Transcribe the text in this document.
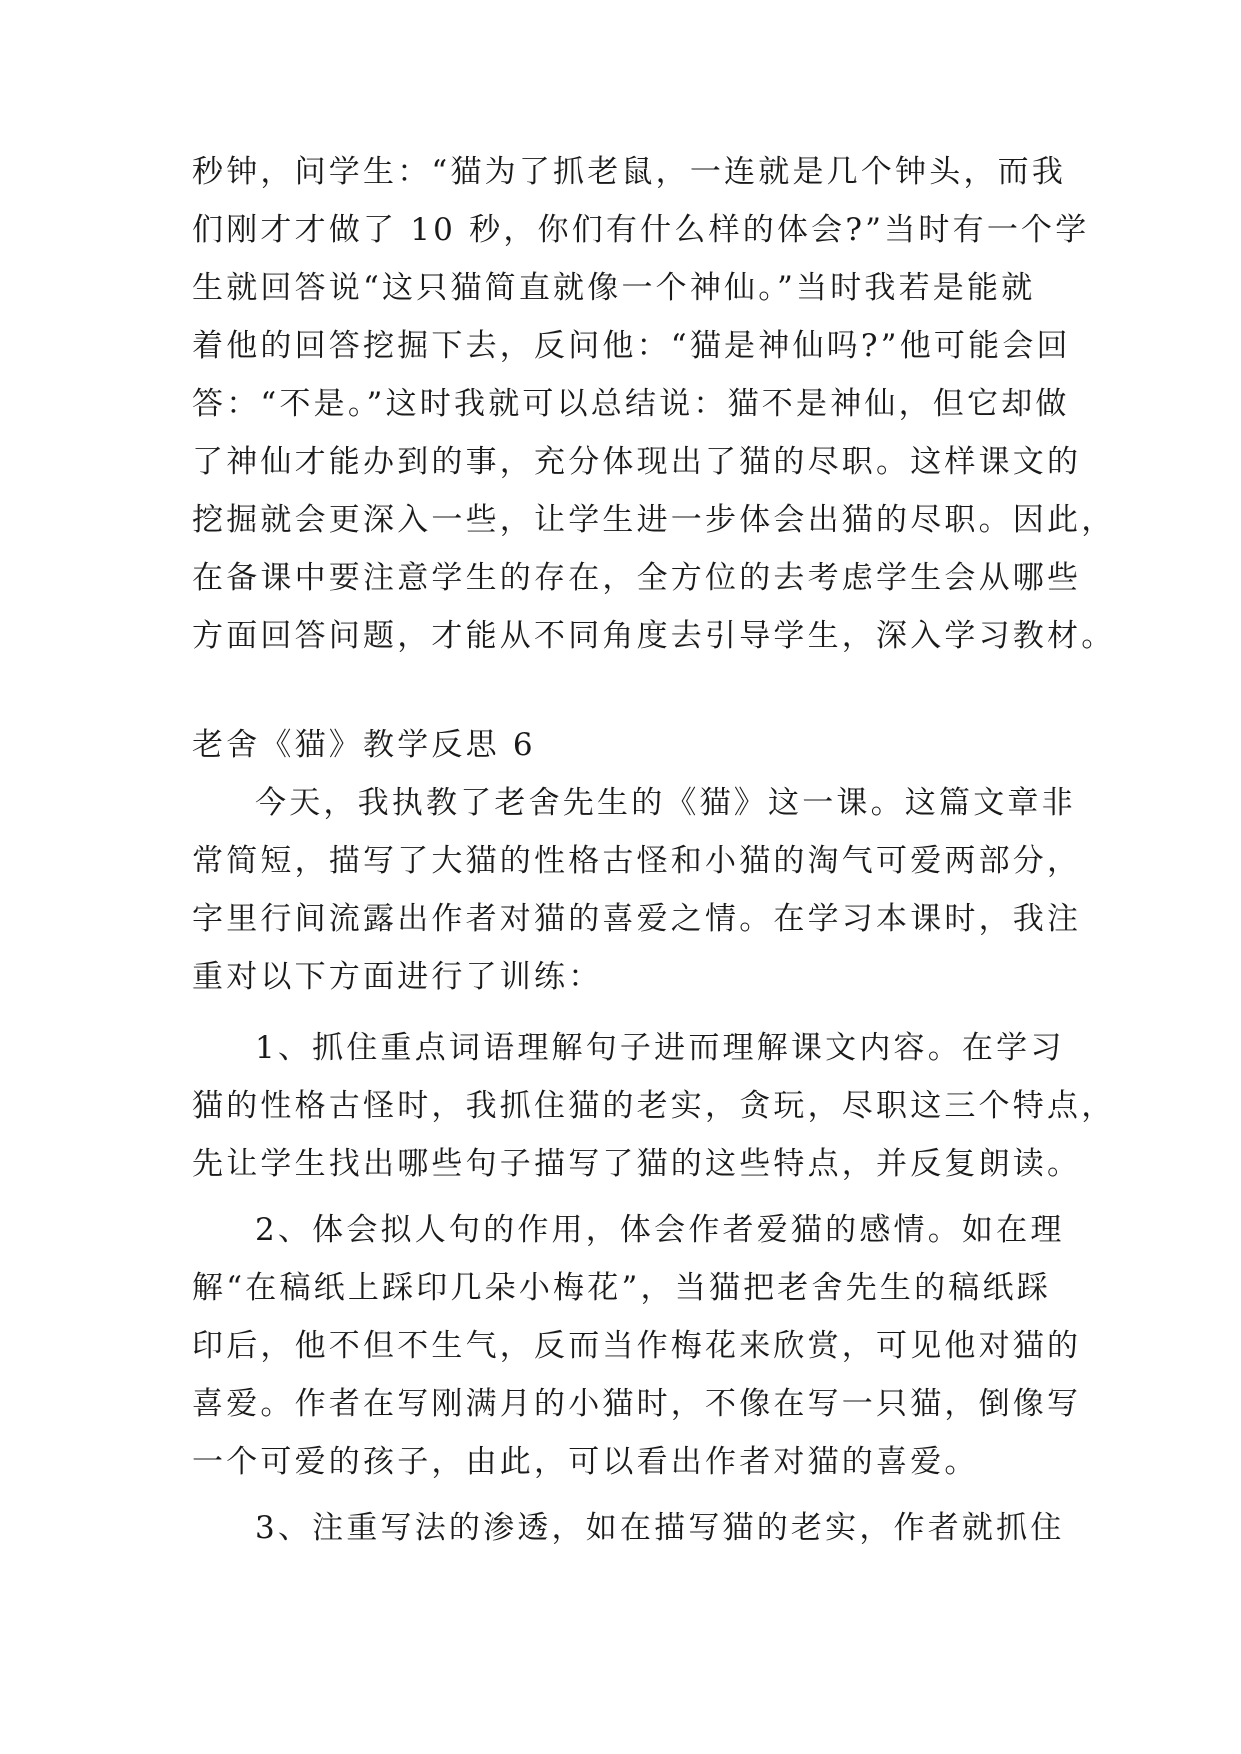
秒钟，问学生：“猫为了抓老鼠，一连就是几个钟头，而我
们刚才才做了 10 秒，你们有什么样的体会?”当时有一个学
生就回答说“这只猫简直就像一个神仙。”当时我若是能就
着他的回答挖掘下去，反问他：“猫是神仙吗?”他可能会回
答：“不是。”这时我就可以总结说：猫不是神仙，但它却做
了神仙才能办到的事，充分体现出了猫的尽职。这样课文的
挖掘就会更深入一些，让学生进一步体会出猫的尽职。因此，
在备课中要注意学生的存在，全方位的去考虑学生会从哪些
方面回答问题，才能从不同角度去引导学生，深入学习教材。
老舍《猫》教学反思 6
今天，我执教了老舍先生的《猫》这一课。这篇文章非
常简短，描写了大猫的性格古怪和小猫的淘气可爱两部分，
字里行间流露出作者对猫的喜爱之情。在学习本课时，我注
重对以下方面进行了训练：
1、抓住重点词语理解句子进而理解课文内容。在学习
猫的性格古怪时，我抓住猫的老实，贪玩，尽职这三个特点，
先让学生找出哪些句子描写了猫的这些特点，并反复朗读。
2、体会拟人句的作用，体会作者爱猫的感情。如在理
解“在稿纸上踩印几朵小梅花”，当猫把老舍先生的稿纸踩
印后，他不但不生气，反而当作梅花来欣赏，可见他对猫的
喜爱。作者在写刚满月的小猫时，不像在写一只猫，倒像写
一个可爱的孩子，由此，可以看出作者对猫的喜爱。
3、注重写法的渗透，如在描写猫的老实，作者就抓住
